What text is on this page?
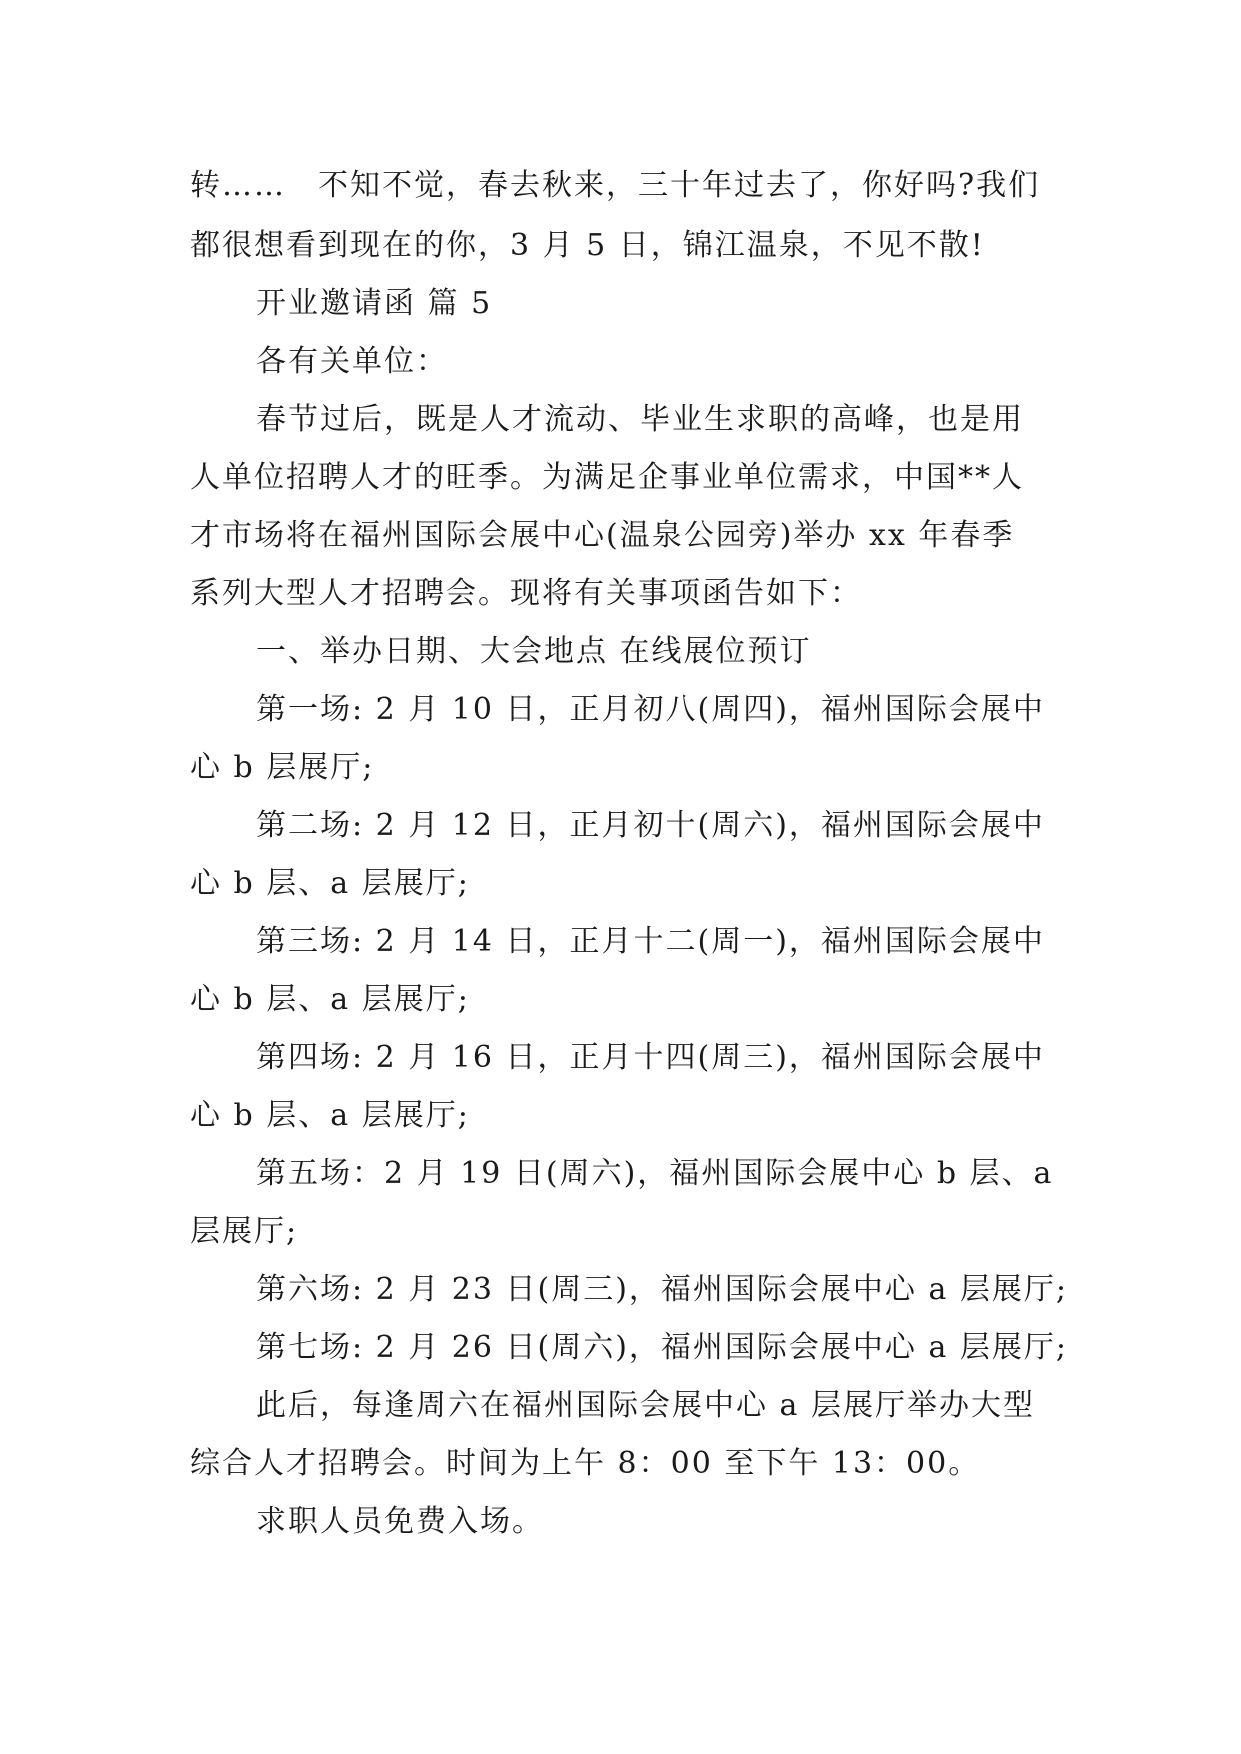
转……　不知不觉，春去秋来，三十年过去了，你好吗?我们
都很想看到现在的你，3 月 5 日，锦江温泉，不见不散!
开业邀请函 篇 5
各有关单位：
春节过后，既是人才流动、毕业生求职的高峰，也是用
人单位招聘人才的旺季。为满足企事业单位需求，中国**人
才市场将在福州国际会展中心(温泉公园旁)举办 xx 年春季
系列大型人才招聘会。现将有关事项函告如下：
一、举办日期、大会地点 在线展位预订
第一场: 2 月 10 日，正月初八(周四)，福州国际会展中
心 b 层展厅;
第二场: 2 月 12 日，正月初十(周六)，福州国际会展中
心 b 层、a 层展厅;
第三场: 2 月 14 日，正月十二(周一)，福州国际会展中
心 b 层、a 层展厅;
第四场: 2 月 16 日，正月十四(周三)，福州国际会展中
心 b 层、a 层展厅;
第五场：2 月 19 日(周六)，福州国际会展中心 b 层、a
层展厅;
第六场: 2 月 23 日(周三)，福州国际会展中心 a 层展厅;
第七场: 2 月 26 日(周六)，福州国际会展中心 a 层展厅;
此后，每逢周六在福州国际会展中心 a 层展厅举办大型
综合人才招聘会。时间为上午 8：00 至下午 13：00。
求职人员免费入场。
